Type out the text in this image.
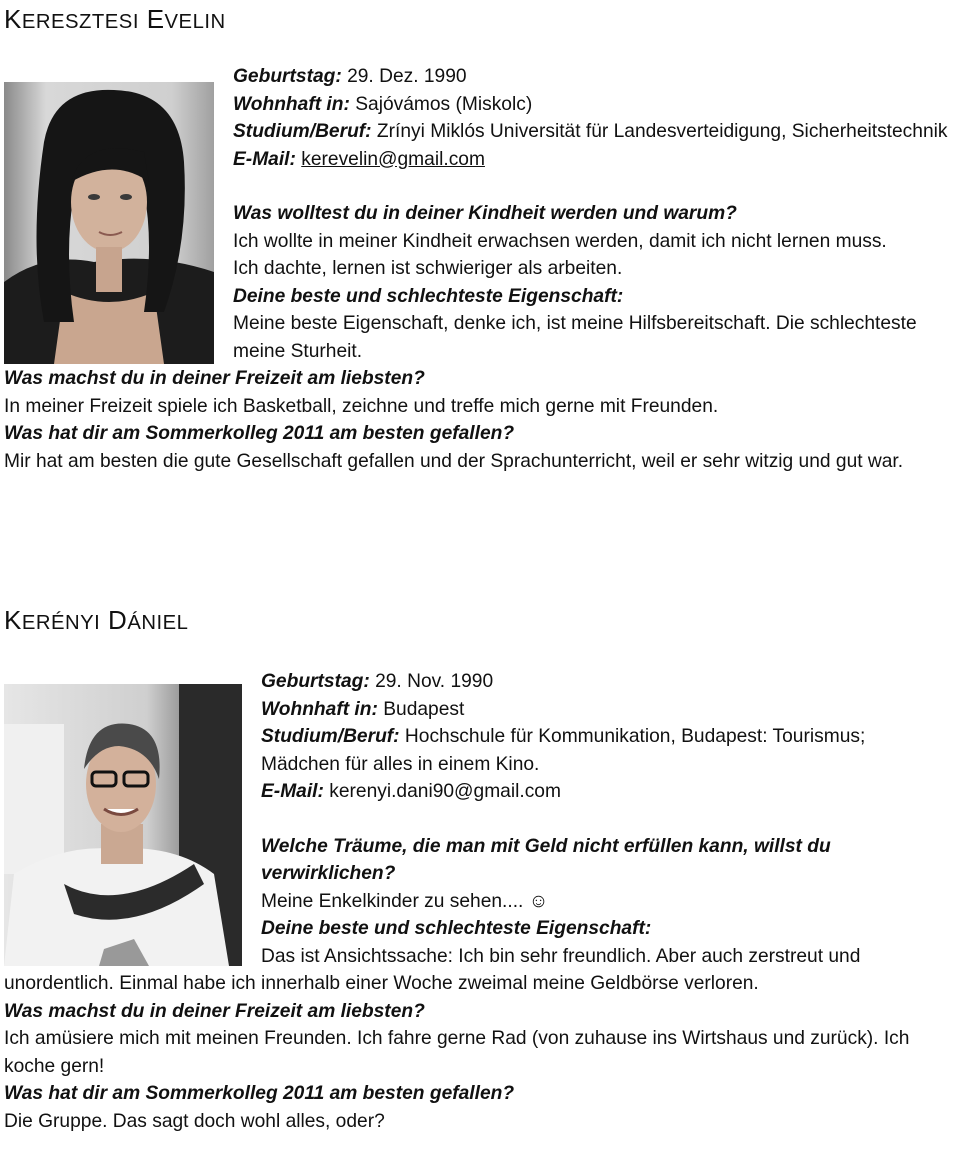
KERESZTESI EVELIN

Geburtstag: 29. Dez. 1990

Wohnhaft in: Sajóvámos (Miskolc)

Studium/Beruf: Zrínyi Miklós Universität für Landesverteidigung, Sicherheitstechnik

E-Mail: kerevelin@gmail.com

Was wolltest du in deiner Kindheit werden und warum?

Ich wollte in meiner Kindheit erwachsen werden, damit ich nicht lernen muss. Ich dachte, lernen ist schwieriger als arbeiten.

Deine beste und schlechteste Eigenschaft:

Meine beste Eigenschaft, denke ich, ist meine Hilfsbereitschaft. Die schlechteste meine Sturheit.

Was machst du in deiner Freizeit am liebsten?

In meiner Freizeit spiele ich Basketball, zeichne und treffe mich gerne mit Freunden.

Was hat dir am Sommerkolleg 2011 am besten gefallen?

Mir hat am besten die gute Gesellschaft gefallen und der Sprachunterricht, weil er sehr witzig und gut war.

KERÉNYI DÁNIEL

Geburtstag: 29. Nov. 1990

Wohnhaft in: Budapest

Studium/Beruf: Hochschule für Kommunikation, Budapest: Tourismus; Mädchen für alles in einem Kino.

E-Mail: kerenyi.dani90@gmail.com

Welche Träume, die man mit Geld nicht erfüllen kann, willst du verwirklichen?

Meine Enkelkinder zu sehen.... ☺

Deine beste und schlechteste Eigenschaft:

Das ist Ansichtssache: Ich bin sehr freundlich. Aber auch zerstreut und unordentlich. Einmal habe ich innerhalb einer Woche zweimal meine Geldbörse verloren.

Was machst du in deiner Freizeit am liebsten?

Ich amüsiere mich mit meinen Freunden. Ich fahre gerne Rad (von zuhause ins Wirtshaus und zurück). Ich koche gern!

Was hat dir am Sommerkolleg 2011 am besten gefallen?

Die Gruppe. Das sagt doch wohl alles, oder?
